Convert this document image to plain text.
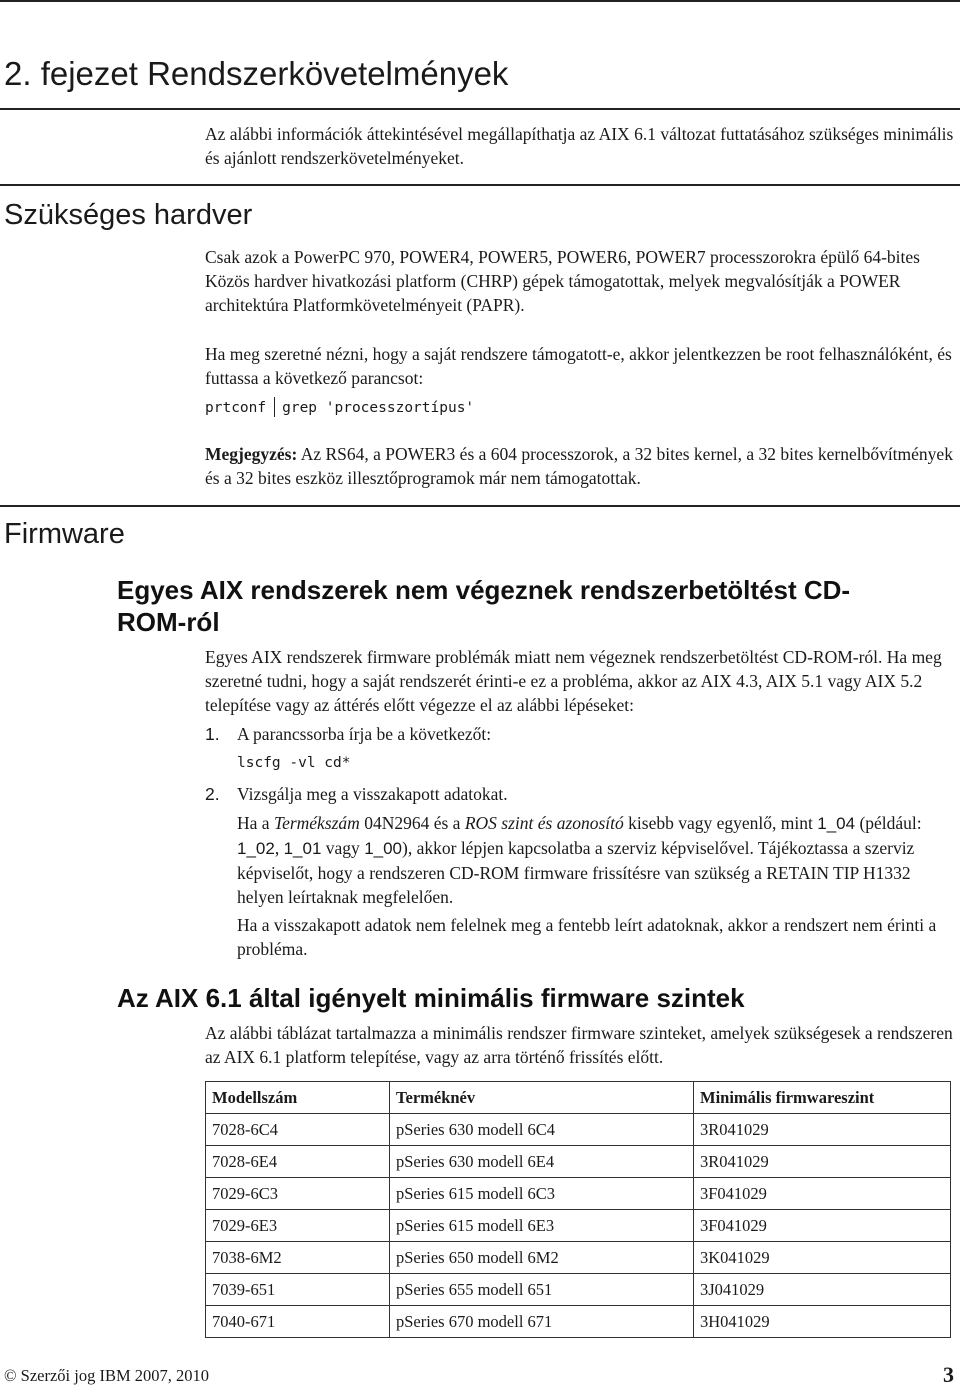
2. fejezet Rendszerkövetelmények

Az alábbi információk áttekintésével megállapíthatja az AIX 6.1 változat futtatásához szükséges minimális és ajánlott rendszerkövetelményeket.

Szükséges hardver

Csak azok a PowerPC 970, POWER4, POWER5, POWER6, POWER7 processzorokra épülő 64-bites Közös hardver hivatkozási platform (CHRP) gépek támogatottak, melyek megvalósítják a POWER architektúra Platformkövetelményeit (PAPR).

Ha meg szeretné nézni, hogy a saját rendszere támogatott-e, akkor jelentkezzen be root felhasználóként, és futtassa a következő parancsot:

prtconf grep 'processzortípus'

Megjegyzés: Az RS64, a POWER3 és a 604 processzorok, a 32 bites kernel, a 32 bites kernelbővítmények és a 32 bites eszköz illesztőprogramok már nem támogatottak.

Firmware
Egyes AIX rendszerek nem végeznek rendszerbetöltést CD-ROM-ról

Egyes AIX rendszerek firmware problémák miatt nem végeznek rendszerbetöltést CD-ROM-ról. Ha meg szeretné tudni, hogy a saját rendszerét érinti-e ez a probléma, akkor az AIX 4.3, AIX 5.1 vagy AIX 5.2 telepítése vagy az áttérés előtt végezze el az alábbi lépéseket:

1. A parancssorba írja be a következőt:

lscfg -vl cd*
2. Vizsgálja meg a visszakapott adatokat.

Ha a Termékszám 04N2964 és a ROS szint és azonosító kisebb vagy egyenlő, mint 1_04 (például: 1_02, 1_01 vagy 1_00), akkor lépjen kapcsolatba a szerviz képviselővel. Tájékoztassa a szerviz képviselőt, hogy a rendszeren CD-ROM firmware frissítésre van szükség a RETAIN TIP H1332 helyen leírtaknak megfelelően.

Ha a visszakapott adatok nem felelnek meg a fentebb leírt adatoknak, akkor a rendszert nem érinti a probléma.

Az AIX 6.1 által igényelt minimális firmware szintek

Az alábbi táblázat tartalmazza a minimális rendszer firmware szinteket, amelyek szükségesek a rendszeren az AIX 6.1 platform telepítése, vagy az arra történő frissítés előtt.

Modellszám	Terméknév	Minimális firmwareszint
7028-6C4	pSeries 630 modell 6C4	3R041029
7028-6E4	pSeries 630 modell 6E4	3R041029
7029-6C3	pSeries 615 modell 6C3	3F041029
7029-6E3	pSeries 615 modell 6E3	3F041029
7038-6M2	pSeries 650 modell 6M2	3K041029
7039-651	pSeries 655 modell 651	3J041029
7040-671	pSeries 670 modell 671	3H041029
© Szerzői jog IBM 2007, 2010	3
